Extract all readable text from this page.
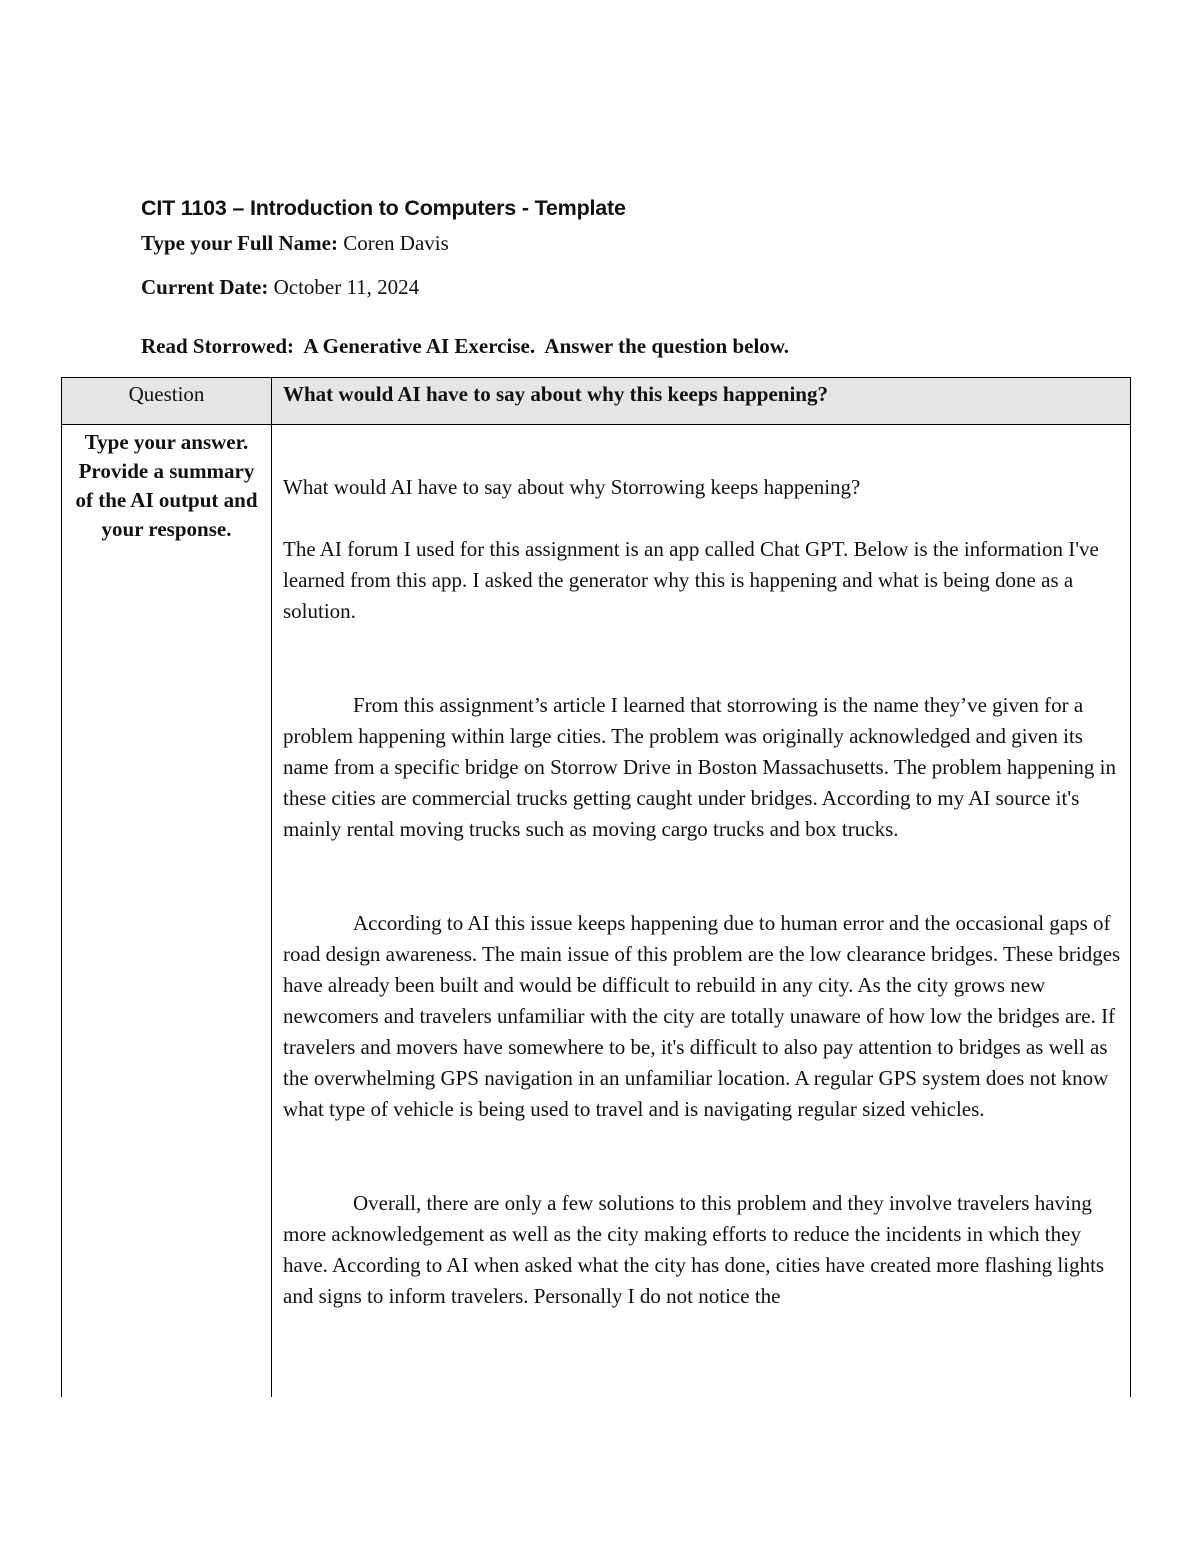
CIT 1103 – Introduction to Computers - Template

Type your Full Name: Coren Davis

Current Date: October 11, 2024

Read Storrowed:  A Generative AI Exercise.  Answer the question below.

Question	What would AI have to say about why this keeps happening?
Type your answer. Provide a summary of the AI output and your response.	What would AI have to say about why Storrowing keeps happening?

The AI forum I used for this assignment is an app called Chat GPT. Below is the information I've learned from this app. I asked the generator why this is happening and what is being done as a solution.

From this assignment’s article I learned that storrowing is the name they’ve given for a problem happening within large cities. The problem was originally acknowledged and given its name from a specific bridge on Storrow Drive in Boston Massachusetts. The problem happening in these cities are commercial trucks getting caught under bridges. According to my AI source it's mainly rental moving trucks such as moving cargo trucks and box trucks.

According to AI this issue keeps happening due to human error and the occasional gaps of road design awareness. The main issue of this problem are the low clearance bridges. These bridges have already been built and would be difficult to rebuild in any city. As the city grows new newcomers and travelers unfamiliar with the city are totally unaware of how low the bridges are. If travelers and movers have somewhere to be, it's difficult to also pay attention to bridges as well as the overwhelming GPS navigation in an unfamiliar location. A regular GPS system does not know what type of vehicle is being used to travel and is navigating regular sized vehicles.

Overall, there are only a few solutions to this problem and they involve travelers having more acknowledgement as well as the city making efforts to reduce the incidents in which they have. According to AI when asked what the city has done, cities have created more flashing lights and signs to inform travelers. Personally I do not notice the
